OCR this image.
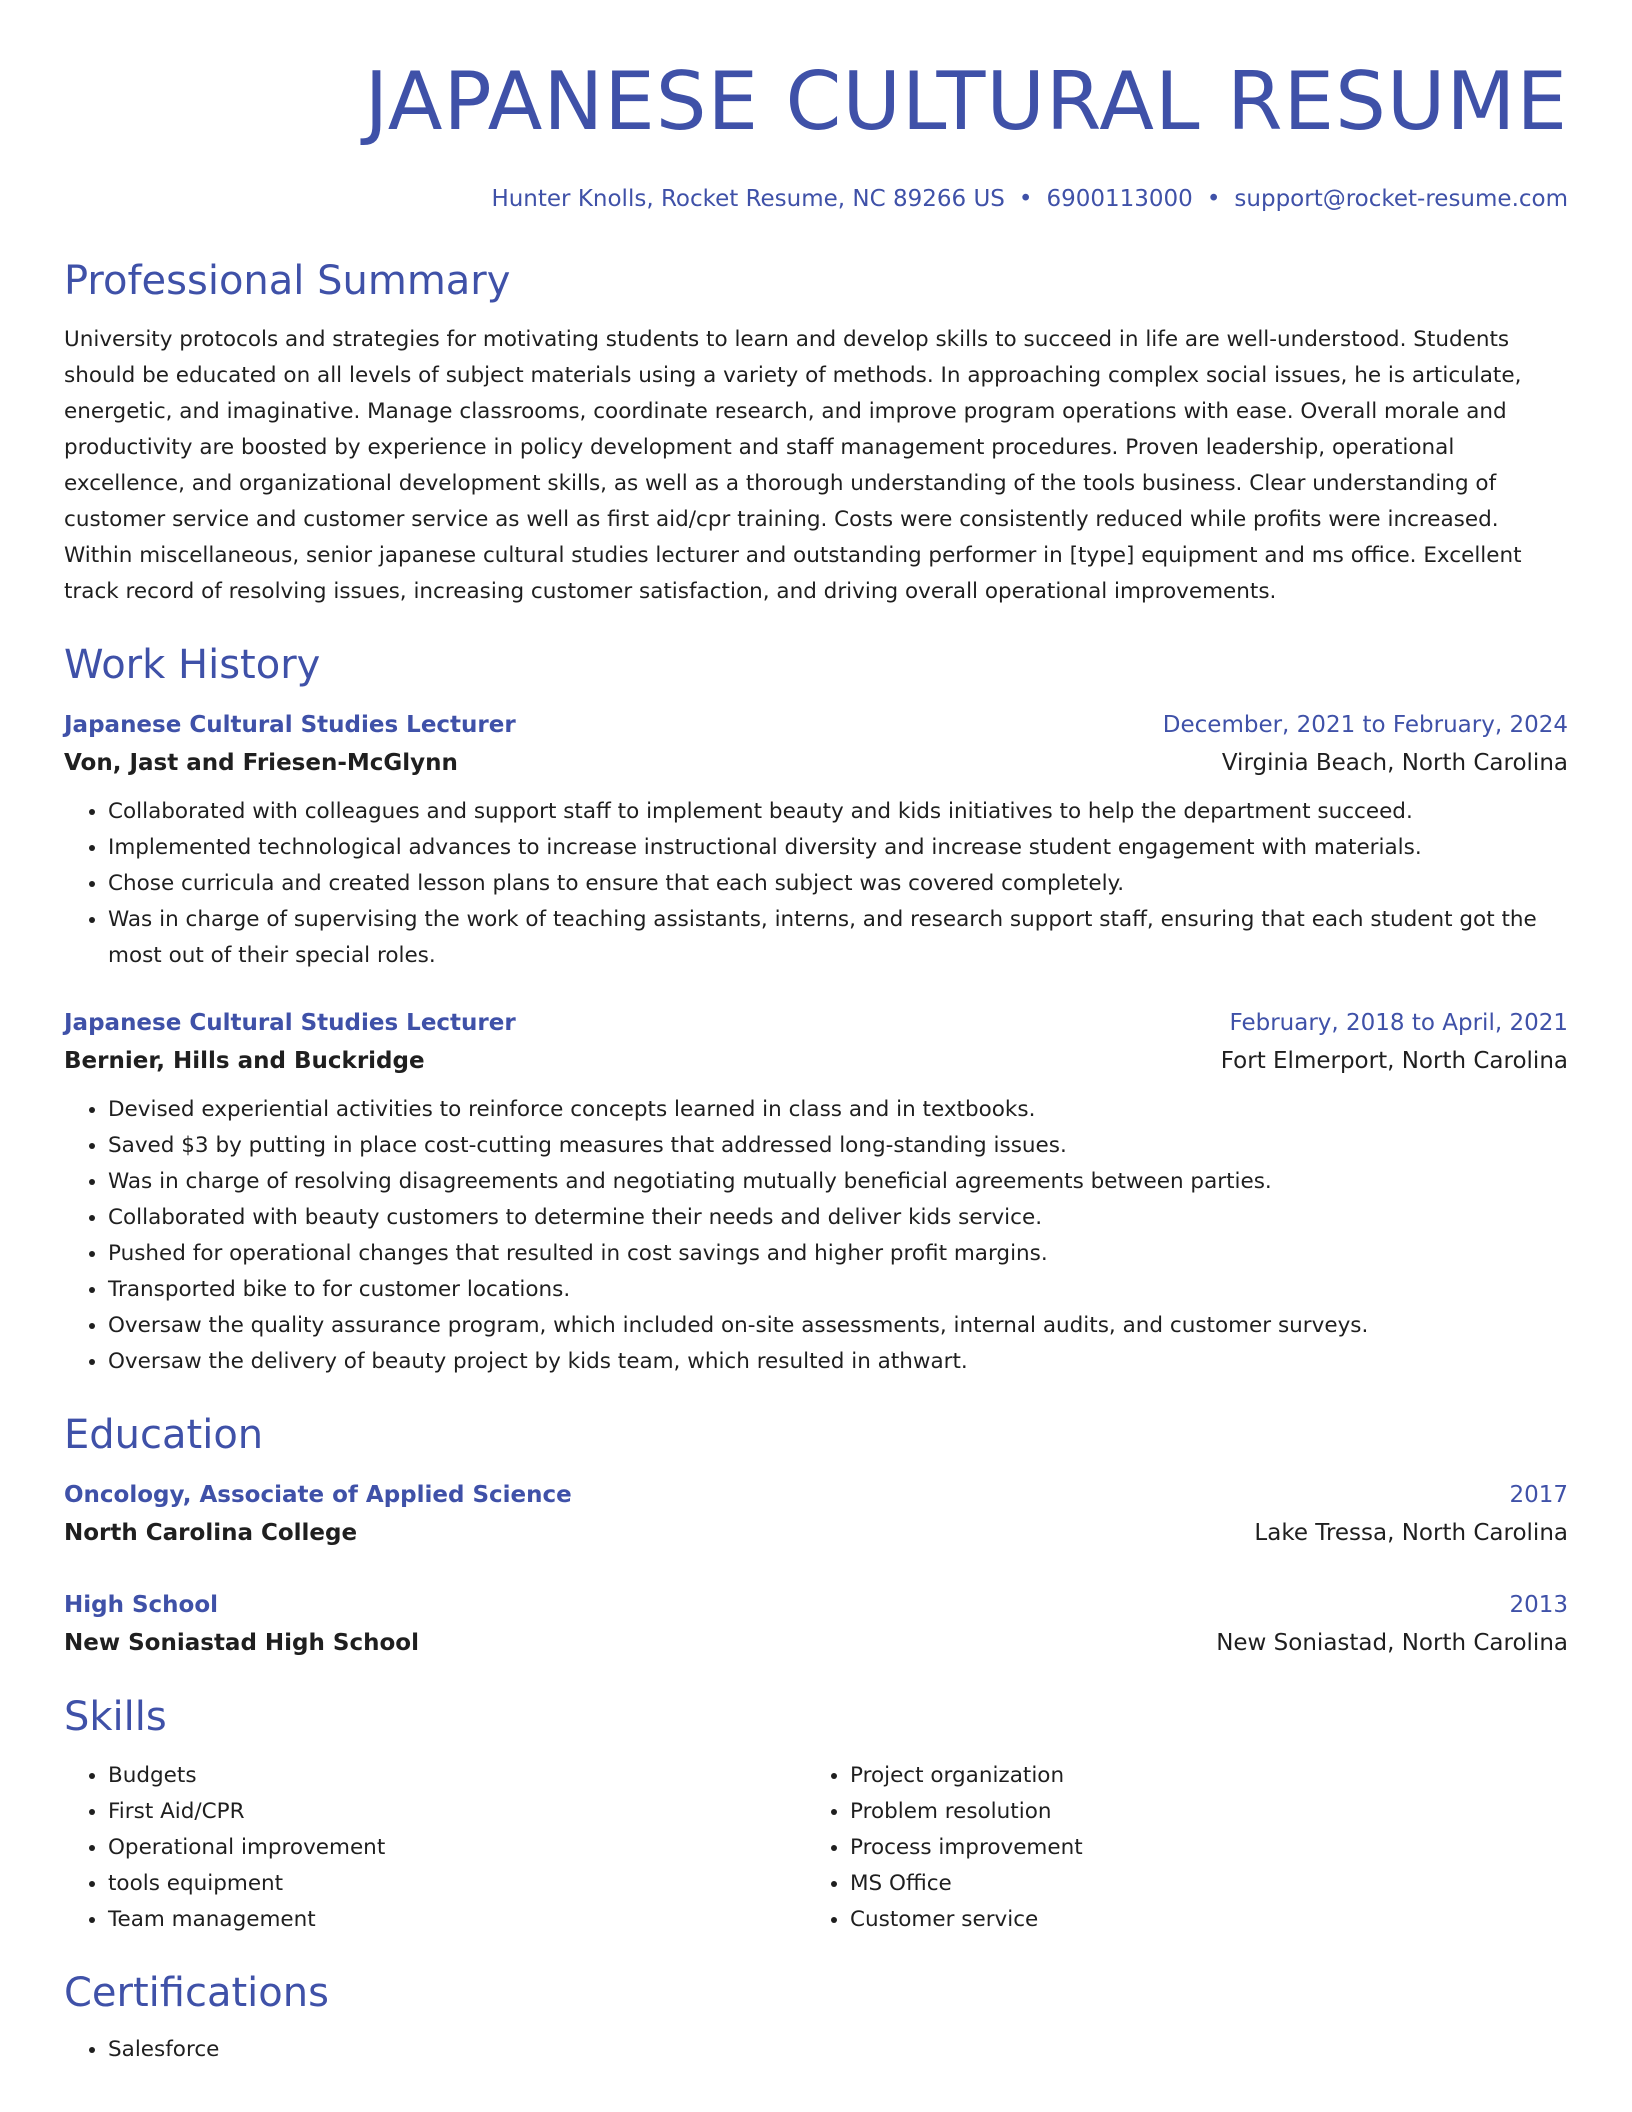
JAPANESE CULTURAL RESUME
Hunter Knolls, Rocket Resume, NC 89266 US • 6900113000 • support@rocket-resume.com
Professional Summary

University protocols and strategies for motivating students to learn and develop skills to succeed in life are well-understood. Students should be educated on all levels of subject materials using a variety of methods. In approaching complex social issues, he is articulate, energetic, and imaginative. Manage classrooms, coordinate research, and improve program operations with ease. Overall morale and productivity are boosted by experience in policy development and staff management procedures. Proven leadership, operational excellence, and organizational development skills, as well as a thorough understanding of the tools business. Clear understanding of customer service and customer service as well as first aid/cpr training. Costs were consistently reduced while profits were increased. Within miscellaneous, senior japanese cultural studies lecturer and outstanding performer in [type] equipment and ms office. Excellent track record of resolving issues, increasing customer satisfaction, and driving overall operational improvements.

Work History
Japanese Cultural Studies Lecturer	December, 2021 to February, 2024
Von, Jast and Friesen-McGlynn	Virginia Beach, North Carolina
• Collaborated with colleagues and support staff to implement beauty and kids initiatives to help the department succeed.
• Implemented technological advances to increase instructional diversity and increase student engagement with materials.
• Chose curricula and created lesson plans to ensure that each subject was covered completely.
• Was in charge of supervising the work of teaching assistants, interns, and research support staff, ensuring that each student got the most out of their special roles.
Japanese Cultural Studies Lecturer	February, 2018 to April, 2021
Bernier, Hills and Buckridge	Fort Elmerport, North Carolina
• Devised experiential activities to reinforce concepts learned in class and in textbooks.
• Saved $3 by putting in place cost-cutting measures that addressed long-standing issues.
• Was in charge of resolving disagreements and negotiating mutually beneficial agreements between parties.
• Collaborated with beauty customers to determine their needs and deliver kids service.
• Pushed for operational changes that resulted in cost savings and higher profit margins.
• Transported bike to for customer locations.
• Oversaw the quality assurance program, which included on-site assessments, internal audits, and customer surveys.
• Oversaw the delivery of beauty project by kids team, which resulted in athwart.
Education
Oncology, Associate of Applied Science	2017
North Carolina College	Lake Tressa, North Carolina
High School	2013
New Soniastad High School	New Soniastad, North Carolina
Skills
• Budgets
• First Aid/CPR
• Operational improvement
• tools equipment
• Team management
• Project organization
• Problem resolution
• Process improvement
• MS Office
• Customer service
Certifications
• Salesforce
